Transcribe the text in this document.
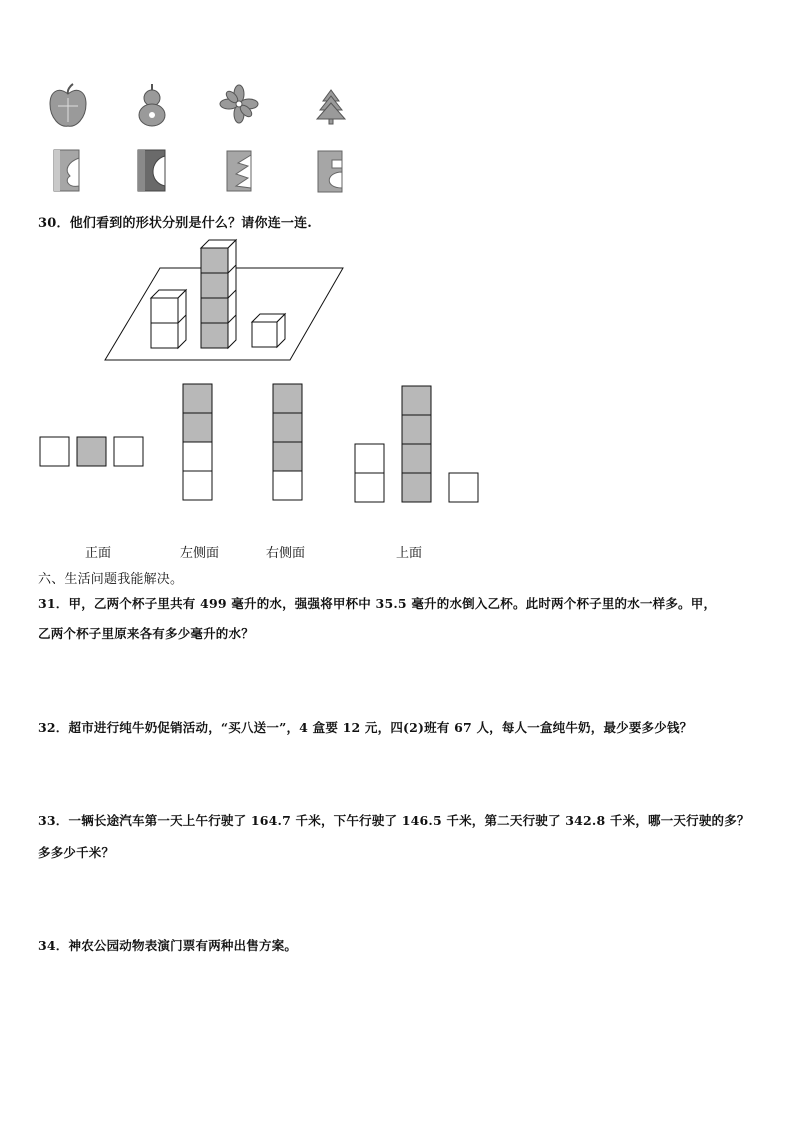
30．他们看到的形状分别是什么？请你连一连.
正面	左侧面	右侧面	上面
六、生活问题我能解决。
31．甲，乙两个杯子里共有 499 毫升的水，强强将甲杯中 35.5 毫升的水倒入乙杯。此时两个杯子里的水一样多。甲，
乙两个杯子里原来各有多少毫升的水？
32．超市进行纯牛奶促销活动，“买八送一”，4 盒要 12 元，四(2)班有 67 人，每人一盒纯牛奶，最少要多少钱？
33．一辆长途汽车第一天上午行驶了 164.7 千米，下午行驶了 146.5 千米，第二天行驶了 342.8 千米，哪一天行驶的多？
多多少千米？
34．神农公园动物表演门票有两种出售方案。
